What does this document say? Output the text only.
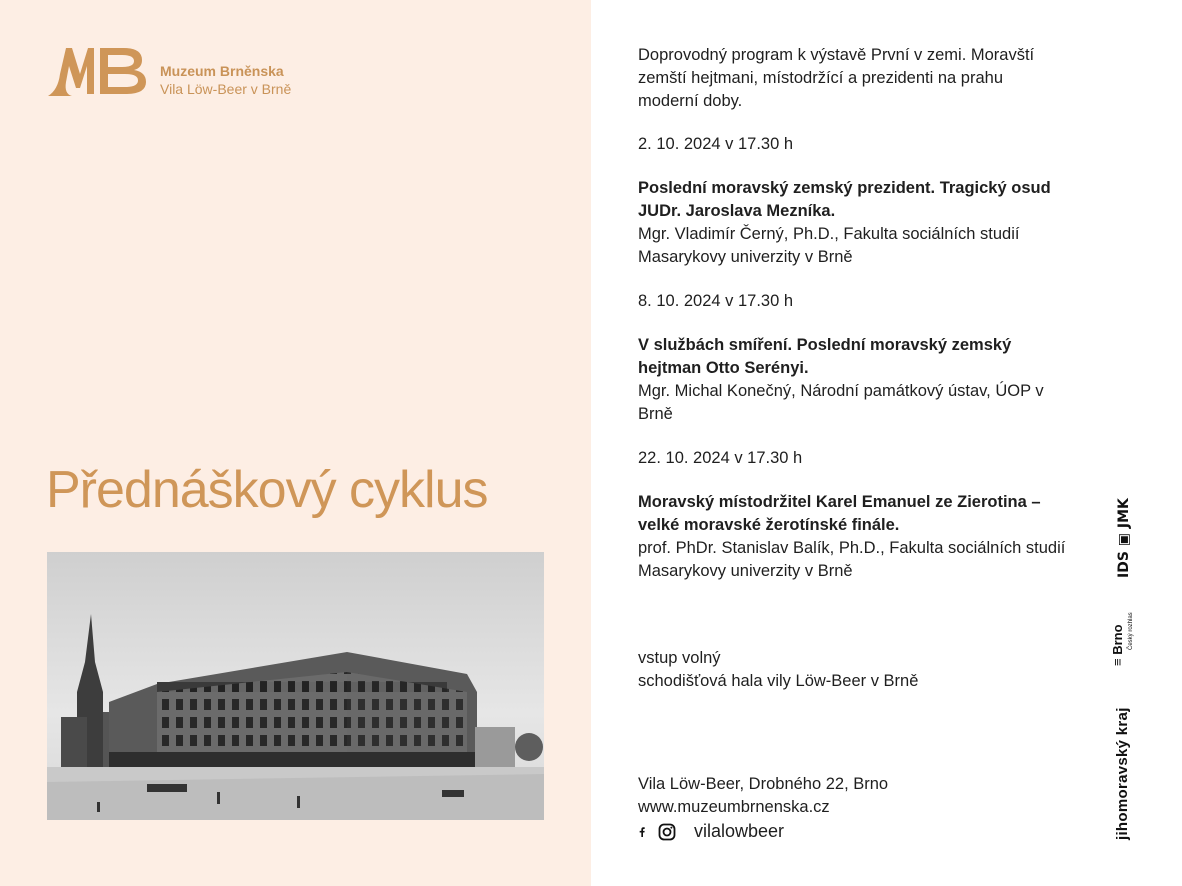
Muzeum Brněnska
Vila Löw-Beer v Brně
Přednáškový cyklus

Doprovodný program k výstavě První v zemi. Moravští zemští hejtmani, místodržící a prezidenti na prahu moderní doby.

2. 10. 2024 v 17.30 h

Poslední moravský zemský prezident. Tragický osud JUDr. Jaroslava Mezníka.
Mgr. Vladimír Černý, Ph.D., Fakulta sociálních studií Masarykovy univerzity v Brně

8. 10. 2024 v 17.30 h

V službách smíření. Poslední moravský zemský hejtman Otto Serényi.
Mgr. Michal Konečný, Národní památkový ústav, ÚOP v Brně

22. 10. 2024 v 17.30 h

Moravský místodržitel Karel Emanuel ze Zierotina – velké moravské žerotínské finále.
prof. PhDr. Stanislav Balík, Ph.D., Fakulta sociálních studií Masarykovy univerzity v Brně

vstup volný
schodišťová hala vily Löw-Beer v Brně
Vila Löw-Beer, Drobného 22, Brno
www.muzeumbrnenska.cz
vilalowbeer
IDS ▣ JMK
≡ Brno Český rozhlas
jihomoravský kraj
